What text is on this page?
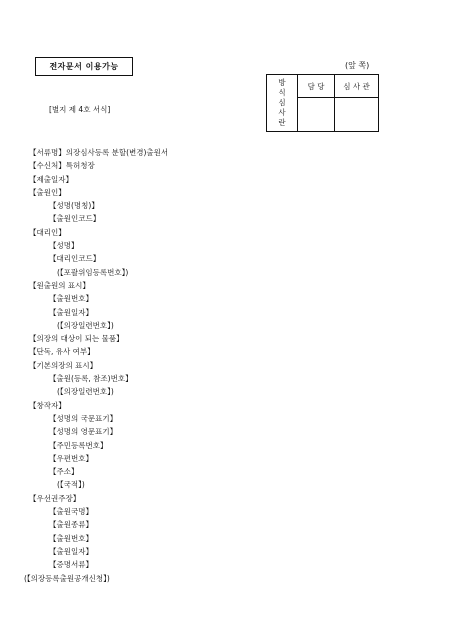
전자문서 이용가능	(앞 쪽)
[별지 제 4호 서식]
방
식
심
사
란	담 당	심 사 관

【서류명】의장심사등록 분할(변경)출원서
【수신처】특허청장
【제출일자】
【출원인】
【성명(명칭)】
【출원인코드】
【대리인】
【성명】
【대리인코드】
(【포괄위임등록번호】)
【원출원의 표시】
【출원번호】
【출원일자】
(【의장일련번호】)
【의장의 대상이 되는 물품】
【단독, 유사 여부】
【기본의장의 표시】
【출원(등록, 참조)번호】
(【의장일련번호】)
【창작자】
【성명의 국문표기】
【성명의 영문표기】
【주민등록번호】
【우편번호】
【주소】
(【국적】)
【우선권주장】
【출원국명】
【출원종류】
【출원번호】
【출원일자】
【증명서류】
(【의장등록출원공개신청】)
